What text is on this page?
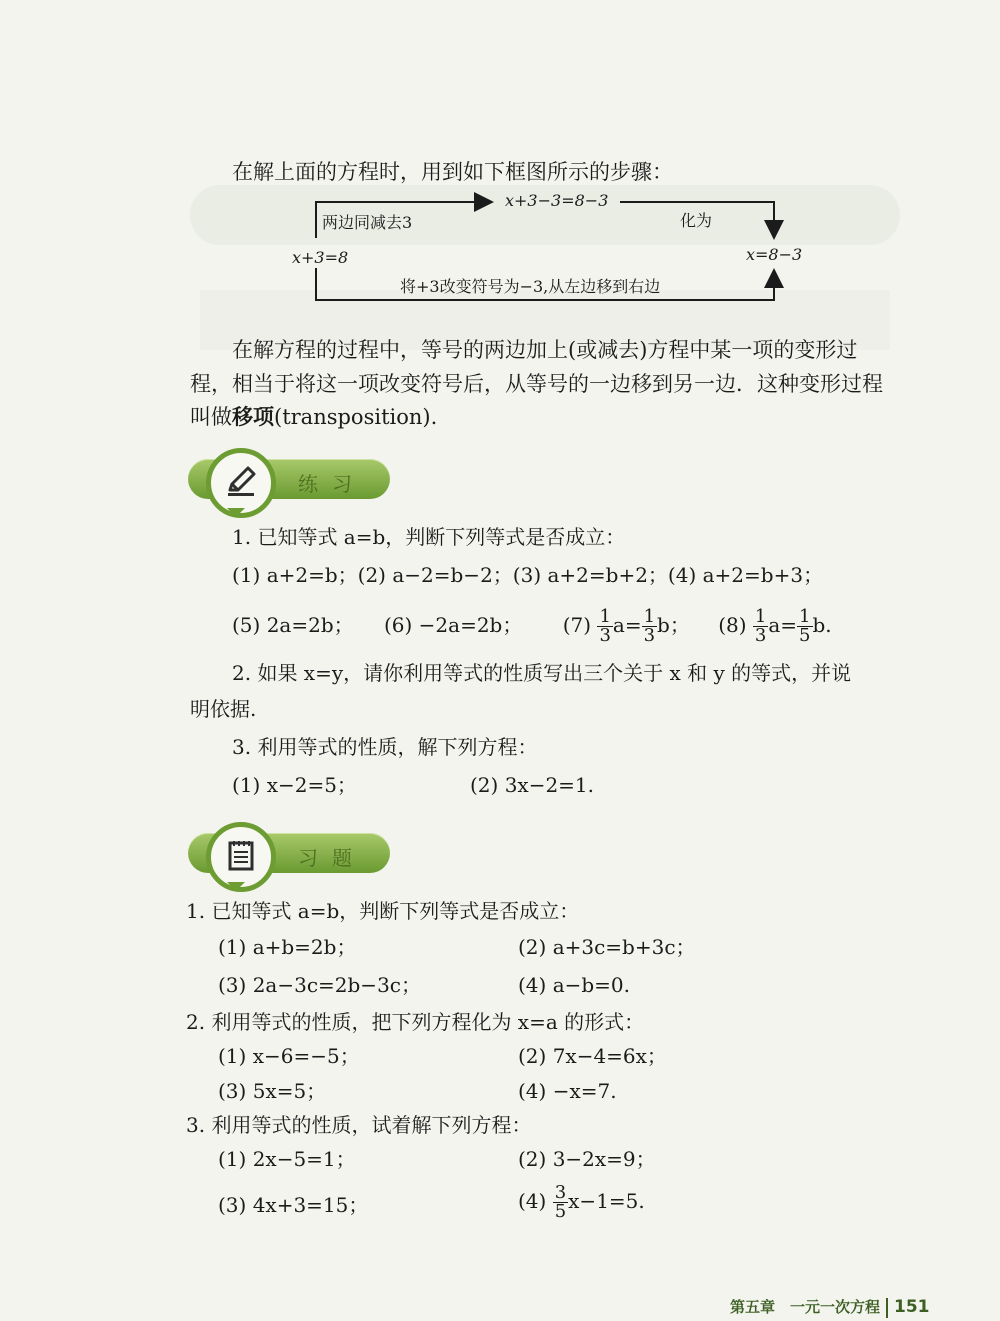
在解上面的方程时，用到如下框图所示的步骤：
x+3−3=8−3
两边同减去3	化为
x+3=8	x=8−3
将+3改变符号为−3,从左边移到右边
在解方程的过程中，等号的两边加上(或减去)方程中某一项的变形过
程，相当于将这一项改变符号后，从等号的一边移到另一边．这种变形过程
叫做移项(transposition).
练习
1. 已知等式 a=b，判断下列等式是否成立：
(1) a+2=b；(2) a−2=b−2；(3) a+2=b+2；(4) a+2=b+3；
(5) 2a=2b； (6) −2a=2b； $(7) \frac{1}{3} a= \frac{1}{3}$ b； $(8) \frac{1}{3} a= \frac{1}{5} b$.
2. 如果 x=y，请你利用等式的性质写出三个关于 x 和 y 的等式，并说
明依据.
3. 利用等式的性质，解下列方程：
(1) x−2=5；	(2) 3x−2=1.
习题
1. 已知等式 a=b，判断下列等式是否成立：
(1) a+b=2b；	(2) a+3c=b+3c；
(3) 2a−3c=2b−3c；	(4) a−b=0.
2. 利用等式的性质，把下列方程化为 x=a 的形式：
(1) x−6=−5；	(2) 7x−4=6x；
(3) 5x=5；	(4) −x=7.
3. 利用等式的性质，试着解下列方程：
(1) 2x−5=1；	(2) 3−2x=9；
(3) 4x+3=15；	$(4) \frac{3}{5} x-1=5$.
第五章　一元一次方程 151
